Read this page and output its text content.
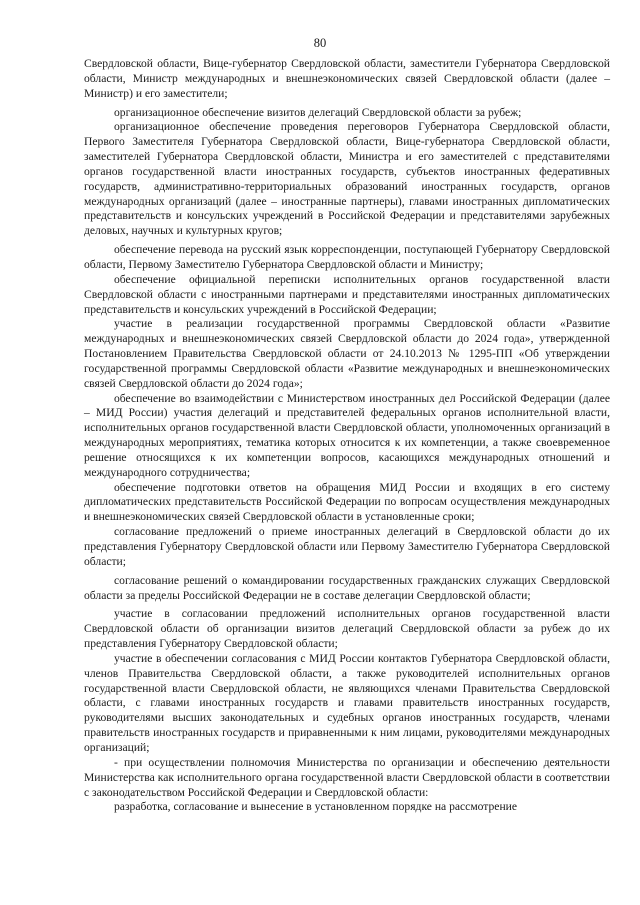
80

Свердловской области, Вице-губернатор Свердловской области, заместители Губернатора Свердловской области, Министр международных и внешнеэкономических связей Свердловской области (далее – Министр) и его заместители;

организационное обеспечение визитов делегаций Свердловской области за рубеж;

организационное обеспечение проведения переговоров Губернатора Свердловской области, Первого Заместителя Губернатора Свердловской области, Вице-губернатора Свердловской области, заместителей Губернатора Свердловской области, Министра и его заместителей с представителями органов государственной власти иностранных государств, субъектов иностранных федеративных государств, административно-территориальных образований иностранных государств, органов международных организаций (далее – иностранные партнеры), главами иностранных дипломатических представительств и консульских учреждений в Российской Федерации и представителями зарубежных деловых, научных и культурных кругов;

обеспечение перевода на русский язык корреспонденции, поступающей Губернатору Свердловской области, Первому Заместителю Губернатора Свердловской области и Министру;

обеспечение официальной переписки исполнительных органов государственной власти Свердловской области с иностранными партнерами и представителями иностранных дипломатических представительств и консульских учреждений в Российской Федерации;

участие в реализации государственной программы Свердловской области «Развитие международных и внешнеэкономических связей Свердловской области до 2024 года», утвержденной Постановлением Правительства Свердловской области от 24.10.2013 № 1295-ПП «Об утверждении государственной программы Свердловской области «Развитие международных и внешнеэкономических связей Свердловской области до 2024 года»;

обеспечение во взаимодействии с Министерством иностранных дел Российской Федерации (далее – МИД России) участия делегаций и представителей федеральных органов исполнительной власти, исполнительных органов государственной власти Свердловской области, уполномоченных организаций в международных мероприятиях, тематика которых относится к их компетенции, а также своевременное решение относящихся к их компетенции вопросов, касающихся международных отношений и международного сотрудничества;

обеспечение подготовки ответов на обращения МИД России и входящих в его систему дипломатических представительств Российской Федерации по вопросам осуществления международных и внешнеэкономических связей Свердловской области в установленные сроки;

согласование предложений о приеме иностранных делегаций в Свердловской области до их представления Губернатору Свердловской области или Первому Заместителю Губернатора Свердловской области;

согласование решений о командировании государственных гражданских служащих Свердловской области за пределы Российской Федерации не в составе делегации Свердловской области;

участие в согласовании предложений исполнительных органов государственной власти Свердловской области об организации визитов делегаций Свердловской области за рубеж до их представления Губернатору Свердловской области;

участие в обеспечении согласования с МИД России контактов Губернатора Свердловской области, членов Правительства Свердловской области, а также руководителей исполнительных органов государственной власти Свердловской области, не являющихся членами Правительства Свердловской области, с главами иностранных государств и главами правительств иностранных государств, руководителями высших законодательных и судебных органов иностранных государств, членами правительств иностранных государств и приравненными к ним лицами, руководителями международных организаций;

- при осуществлении полномочия Министерства по организации и обеспечению деятельности Министерства как исполнительного органа государственной власти Свердловской области в соответствии с законодательством Российской Федерации и Свердловской области:

разработка, согласование и вынесение в установленном порядке на рассмотрение
